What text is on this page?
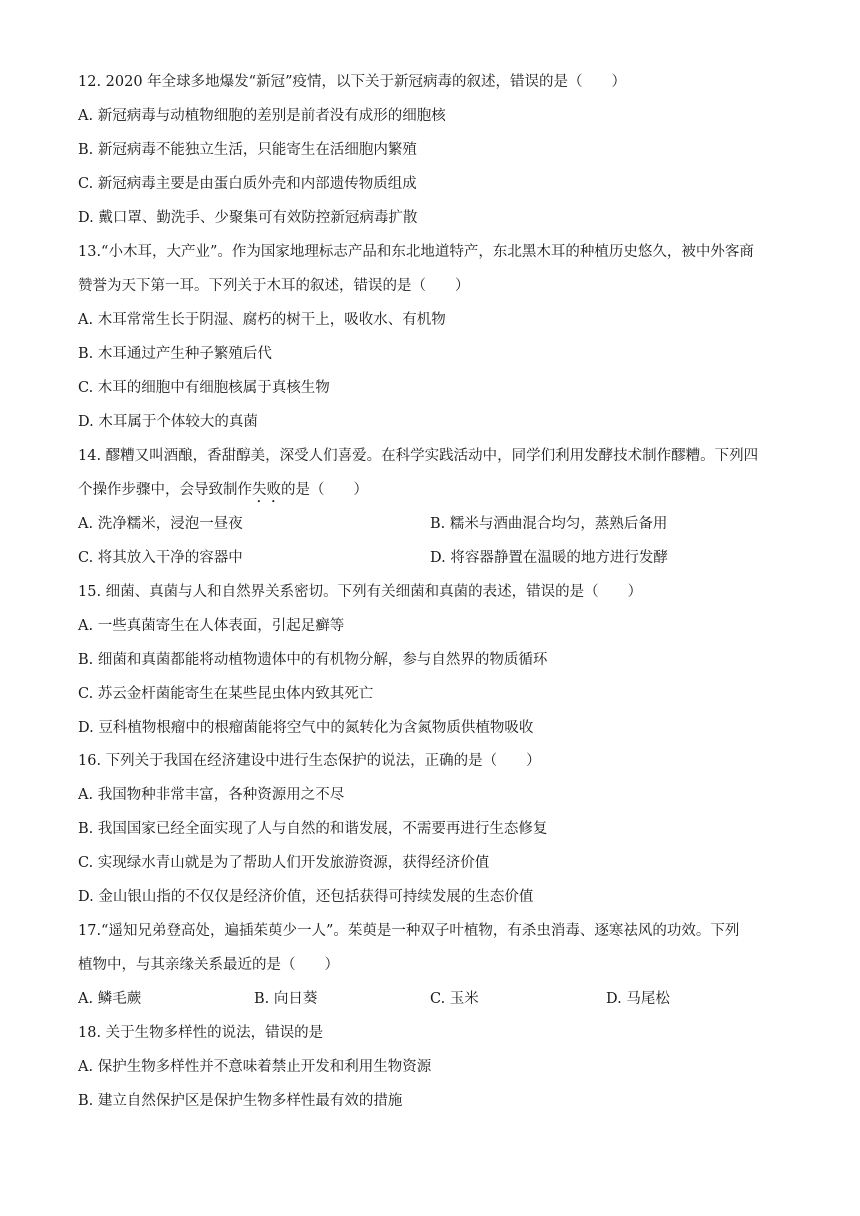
12. 2020 年全球多地爆发“新冠”疫情，以下关于新冠病毒的叙述，错误的是（　　）
A. 新冠病毒与动植物细胞的差别是前者没有成形的细胞核
B. 新冠病毒不能独立生活，只能寄生在活细胞内繁殖
C. 新冠病毒主要是由蛋白质外壳和内部遗传物质组成
D. 戴口罩、勤洗手、少聚集可有效防控新冠病毒扩散
13.“小木耳，大产业”。作为国家地理标志产品和东北地道特产，东北黑木耳的种植历史悠久，被中外客商
赞誉为天下第一耳。下列关于木耳的叙述，错误的是（　　）
A. 木耳常常生长于阴湿、腐朽的树干上，吸收水、有机物
B. 木耳通过产生种子繁殖后代
C. 木耳的细胞中有细胞核属于真核生物
D. 木耳属于个体较大的真菌
14. 醪糟又叫酒酿，香甜醇美，深受人们喜爱。在科学实践活动中，同学们利用发酵技术制作醪糟。下列四
个操作步骤中，会导致制作失败的是（　　）
A. 洗净糯米，浸泡一昼夜	B. 糯米与酒曲混合均匀，蒸熟后备用
C. 将其放入干净的容器中	D. 将容器静置在温暖的地方进行发酵
15. 细菌、真菌与人和自然界关系密切。下列有关细菌和真菌的表述，错误的是（　　）
A. 一些真菌寄生在人体表面，引起足癣等
B. 细菌和真菌都能将动植物遗体中的有机物分解，参与自然界的物质循环
C. 苏云金杆菌能寄生在某些昆虫体内致其死亡
D. 豆科植物根瘤中的根瘤菌能将空气中的氮转化为含氮物质供植物吸收
16. 下列关于我国在经济建设中进行生态保护的说法，正确的是（　　）
A. 我国物种非常丰富，各种资源用之不尽
B. 我国国家已经全面实现了人与自然的和谐发展，不需要再进行生态修复
C. 实现绿水青山就是为了帮助人们开发旅游资源，获得经济价值
D. 金山银山指的不仅仅是经济价值，还包括获得可持续发展的生态价值
17.“遥知兄弟登高处，遍插茱萸少一人”。茱萸是一种双子叶植物，有杀虫消毒、逐寒祛风的功效。下列
植物中，与其亲缘关系最近的是（　　）
A. 鳞毛蕨	B. 向日葵	C. 玉米	D. 马尾松
18. 关于生物多样性的说法，错误的是
A. 保护生物多样性并不意味着禁止开发和利用生物资源
B. 建立自然保护区是保护生物多样性最有效的措施
